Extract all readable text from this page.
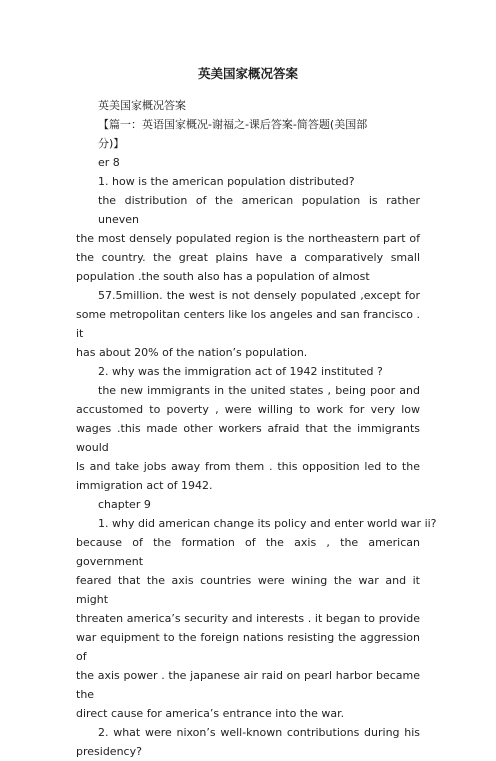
英美国家概况答案
英美国家概况答案
【篇一：英语国家概况-谢福之-课后答案-简答题(美国部
分)】
er 8
1. how is the american population distributed?
the distribution of the american population is rather uneven
the most densely populated region is the northeastern part of
the country. the great plains have a comparatively small
population .the south also has a population of almost
57.5million. the west is not densely populated ,except for
some metropolitan centers like los angeles and san francisco . it
has about 20% of the nation’s population.
2. why was the immigration act of 1942 instituted ?
the new immigrants in the united states , being poor and
accustomed to poverty , were willing to work for very low
wages .this made other workers afraid that the immigrants would
ls and take jobs away from them . this opposition led to the
immigration act of 1942.
chapter 9
1. why did american change its policy and enter world war ii?
because of the formation of the axis , the american government
feared that the axis countries were wining the war and it might
threaten america’s security and interests . it began to provide
war equipment to the foreign nations resisting the aggression of
the axis power . the japanese air raid on pearl harbor became the
direct cause for america’s entrance into the war.
2. what were nixon’s well-known contributions during his
presidency?
